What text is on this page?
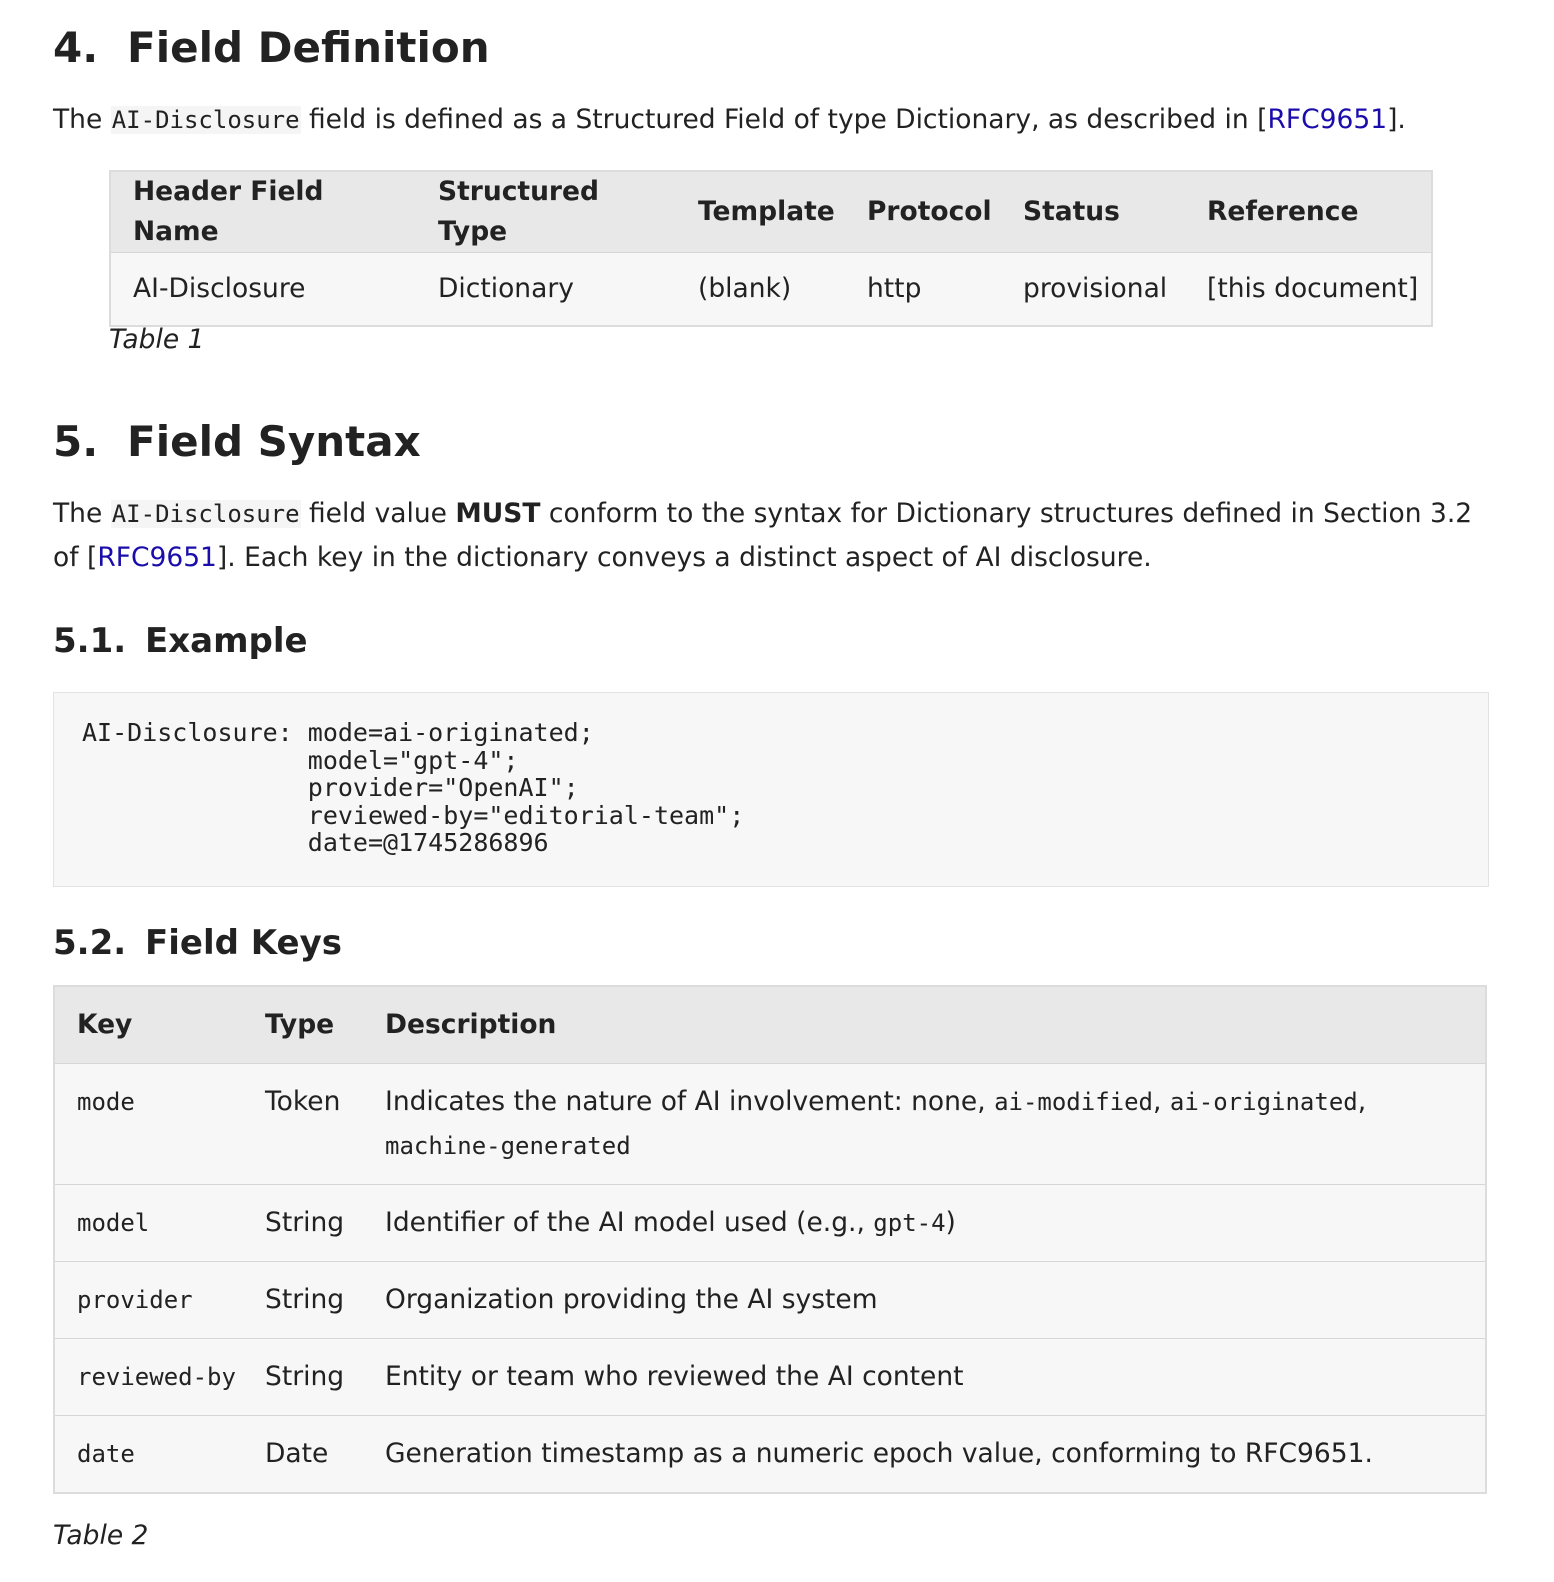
4. Field Definition

The AI-Disclosure field is defined as a Structured Field of type Dictionary, as described in [RFC9651].

Header Field Name	Structured Type	Template	Protocol	Status	Reference
AI-Disclosure	Dictionary	(blank)	http	provisional	[this document]
Table 1
5. Field Syntax

The AI-Disclosure field value MUST conform to the syntax for Dictionary structures defined in Section 3.2 of [RFC9651]. Each key in the dictionary conveys a distinct aspect of AI disclosure.

5.1. Example
AI-Disclosure: mode=ai-originated;
model="gpt-4";
provider="OpenAI";
reviewed-by="editorial-team";
date=@1745286896
5.2. Field Keys
Key	Type	Description
mode	Token	Indicates the nature of AI involvement: none, ai-modified, ai-originated, machine-generated
model	String	Identifier of the AI model used (e.g., gpt-4)
provider	String	Organization providing the AI system
reviewed-by	String	Entity or team who reviewed the AI content
date	Date	Generation timestamp as a numeric epoch value, conforming to RFC9651.
Table 2
